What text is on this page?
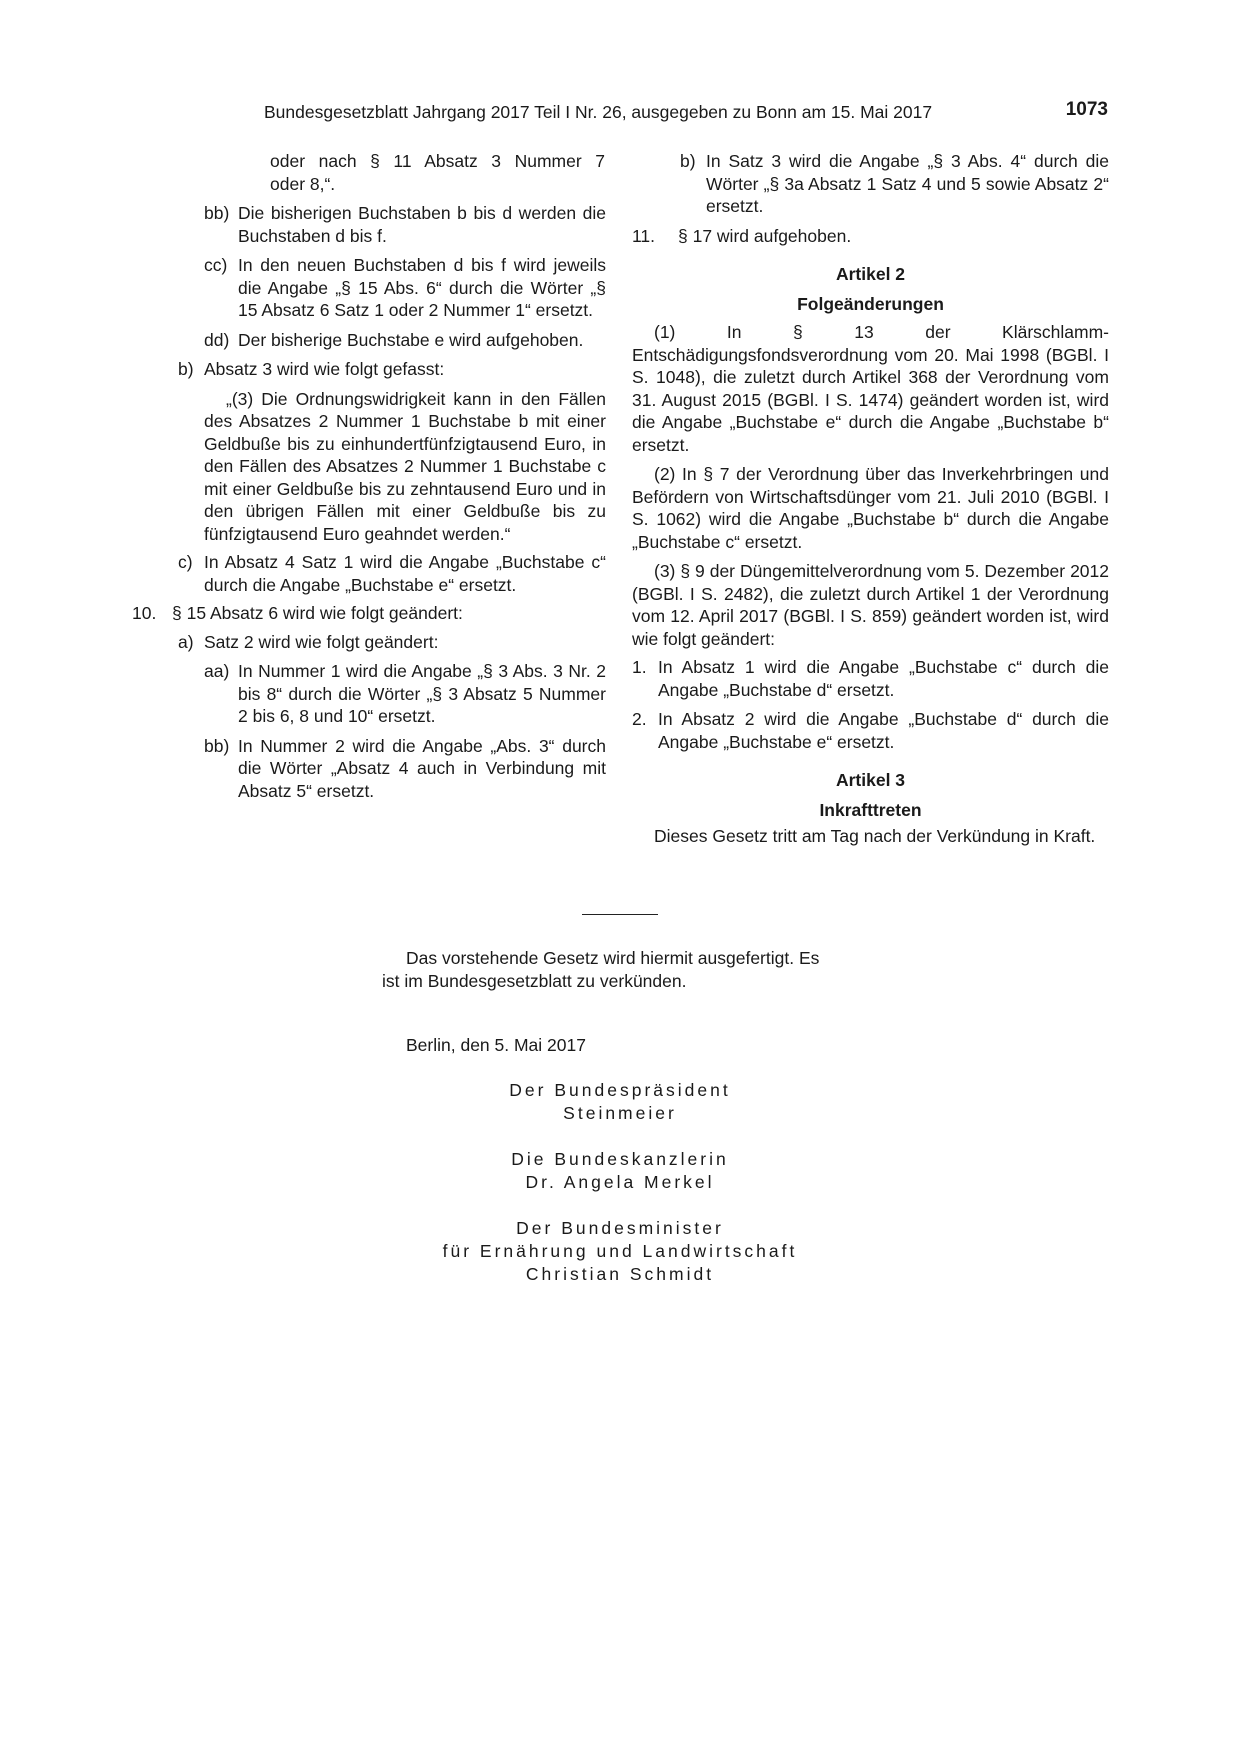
Bundesgesetzblatt Jahrgang 2017 Teil I Nr. 26, ausgegeben zu Bonn am 15. Mai 2017	1073
oder nach § 11 Absatz 3 Nummer 7
oder 8,“.
bb) Die bisherigen Buchstaben b bis d werden die Buchstaben d bis f.
cc) In den neuen Buchstaben d bis f wird jeweils die Angabe „§ 15 Abs. 6“ durch die Wörter „§ 15 Absatz 6 Satz 1 oder 2 Nummer 1“ ersetzt.
dd) Der bisherige Buchstabe e wird aufgehoben.
b) Absatz 3 wird wie folgt gefasst:
„(3) Die Ordnungswidrigkeit kann in den Fällen des Absatzes 2 Nummer 1 Buchstabe b mit einer Geldbuße bis zu einhundertfünfzigtausend Euro, in den Fällen des Absatzes 2 Nummer 1 Buchstabe c mit einer Geldbuße bis zu zehntausend Euro und in den übrigen Fällen mit einer Geldbuße bis zu fünfzigtausend Euro geahndet werden.“
c) In Absatz 4 Satz 1 wird die Angabe „Buchstabe c“ durch die Angabe „Buchstabe e“ ersetzt.
10. § 15 Absatz 6 wird wie folgt geändert:
a) Satz 2 wird wie folgt geändert:
aa) In Nummer 1 wird die Angabe „§ 3 Abs. 3 Nr. 2 bis 8“ durch die Wörter „§ 3 Absatz 5 Nummer 2 bis 6, 8 und 10“ ersetzt.
bb) In Nummer 2 wird die Angabe „Abs. 3“ durch die Wörter „Absatz 4 auch in Verbindung mit Absatz 5“ ersetzt.
b) In Satz 3 wird die Angabe „§ 3 Abs. 4“ durch die Wörter „§ 3a Absatz 1 Satz 4 und 5 sowie Absatz 2“ ersetzt.
11.	§ 17 wird aufgehoben.
Artikel 2
Folgeänderungen
(1) In § 13 der Klärschlamm-Entschädigungsfondsverordnung vom 20. Mai 1998 (BGBl. I S. 1048), die zuletzt durch Artikel 368 der Verordnung vom 31. August 2015 (BGBl. I S. 1474) geändert worden ist, wird die Angabe „Buchstabe e“ durch die Angabe „Buchstabe b“ ersetzt.
(2) In § 7 der Verordnung über das Inverkehrbringen und Befördern von Wirtschaftsdünger vom 21. Juli 2010 (BGBl. I S. 1062) wird die Angabe „Buchstabe b“ durch die Angabe „Buchstabe c“ ersetzt.
(3) § 9 der Düngemittelverordnung vom 5. Dezember 2012 (BGBl. I S. 2482), die zuletzt durch Artikel 1 der Verordnung vom 12. April 2017 (BGBl. I S. 859) geändert worden ist, wird wie folgt geändert:
1. In Absatz 1 wird die Angabe „Buchstabe c“ durch die Angabe „Buchstabe d“ ersetzt.
2. In Absatz 2 wird die Angabe „Buchstabe d“ durch die Angabe „Buchstabe e“ ersetzt.
Artikel 3
Inkrafttreten
Dieses Gesetz tritt am Tag nach der Verkündung in Kraft.

Das vorstehende Gesetz wird hiermit ausgefertigt. Es

ist im Bundesgesetzblatt zu verkünden.

Berlin, den 5. Mai 2017
Der Bundespräsident
Steinmeier
Die Bundeskanzlerin
Dr. Angela Merkel
Der Bundesminister
für Ernährung und Landwirtschaft
Christian Schmidt
